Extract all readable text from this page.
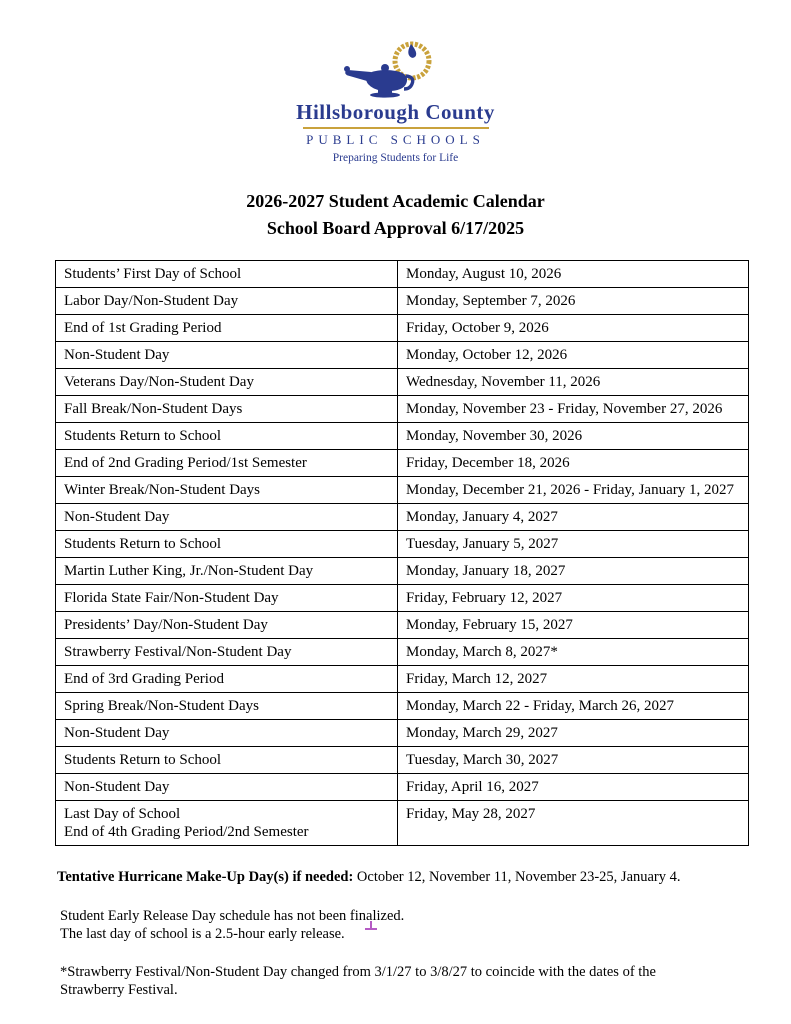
Hillsborough County
PUBLIC SCHOOLS
Preparing Students for Life
2026-2027 Student Academic Calendar
School Board Approval 6/17/2025
Students’ First Day of School	Monday, August 10, 2026

Labor Day/Non-Student Day	Monday, September 7, 2026

End of 1st Grading Period	Friday, October 9, 2026

Non-Student Day	Monday, October 12, 2026

Veterans Day/Non-Student Day	Wednesday, November 11, 2026

Fall Break/Non-Student Days	Monday, November 23 - Friday, November 27, 2026

Students Return to School	Monday, November 30, 2026

End of 2nd Grading Period/1st Semester	Friday, December 18, 2026

Winter Break/Non-Student Days	Monday, December 21, 2026 - Friday, January 1, 2027

Non-Student Day	Monday, January 4, 2027

Students Return to School	Tuesday, January 5, 2027

Martin Luther King, Jr./Non-Student Day	Monday, January 18, 2027

Florida State Fair/Non-Student Day	Friday, February 12, 2027

Presidents’ Day/Non-Student Day	Monday, February 15, 2027

Strawberry Festival/Non-Student Day	Monday, March 8, 2027*

End of 3rd Grading Period	Friday, March 12, 2027

Spring Break/Non-Student Days	Monday, March 22 - Friday, March 26, 2027

Non-Student Day	Monday, March 29, 2027

Students Return to School	Tuesday, March 30, 2027

Non-Student Day	Friday, April 16, 2027

Last Day of School
End of 4th Grading Period/2nd Semester	Friday, May 28, 2027
Tentative Hurricane Make-Up Day(s) if needed: October 12, November 11, November 23-25, January 4.
Student Early Release Day schedule has not been final
ized.
The last day of school is a 2.5-hour early release.
*Strawberry Festival/Non-Student Day changed from 3/1/27 to 3/8/27 to coincide with the dates of the Strawberry Festival.
